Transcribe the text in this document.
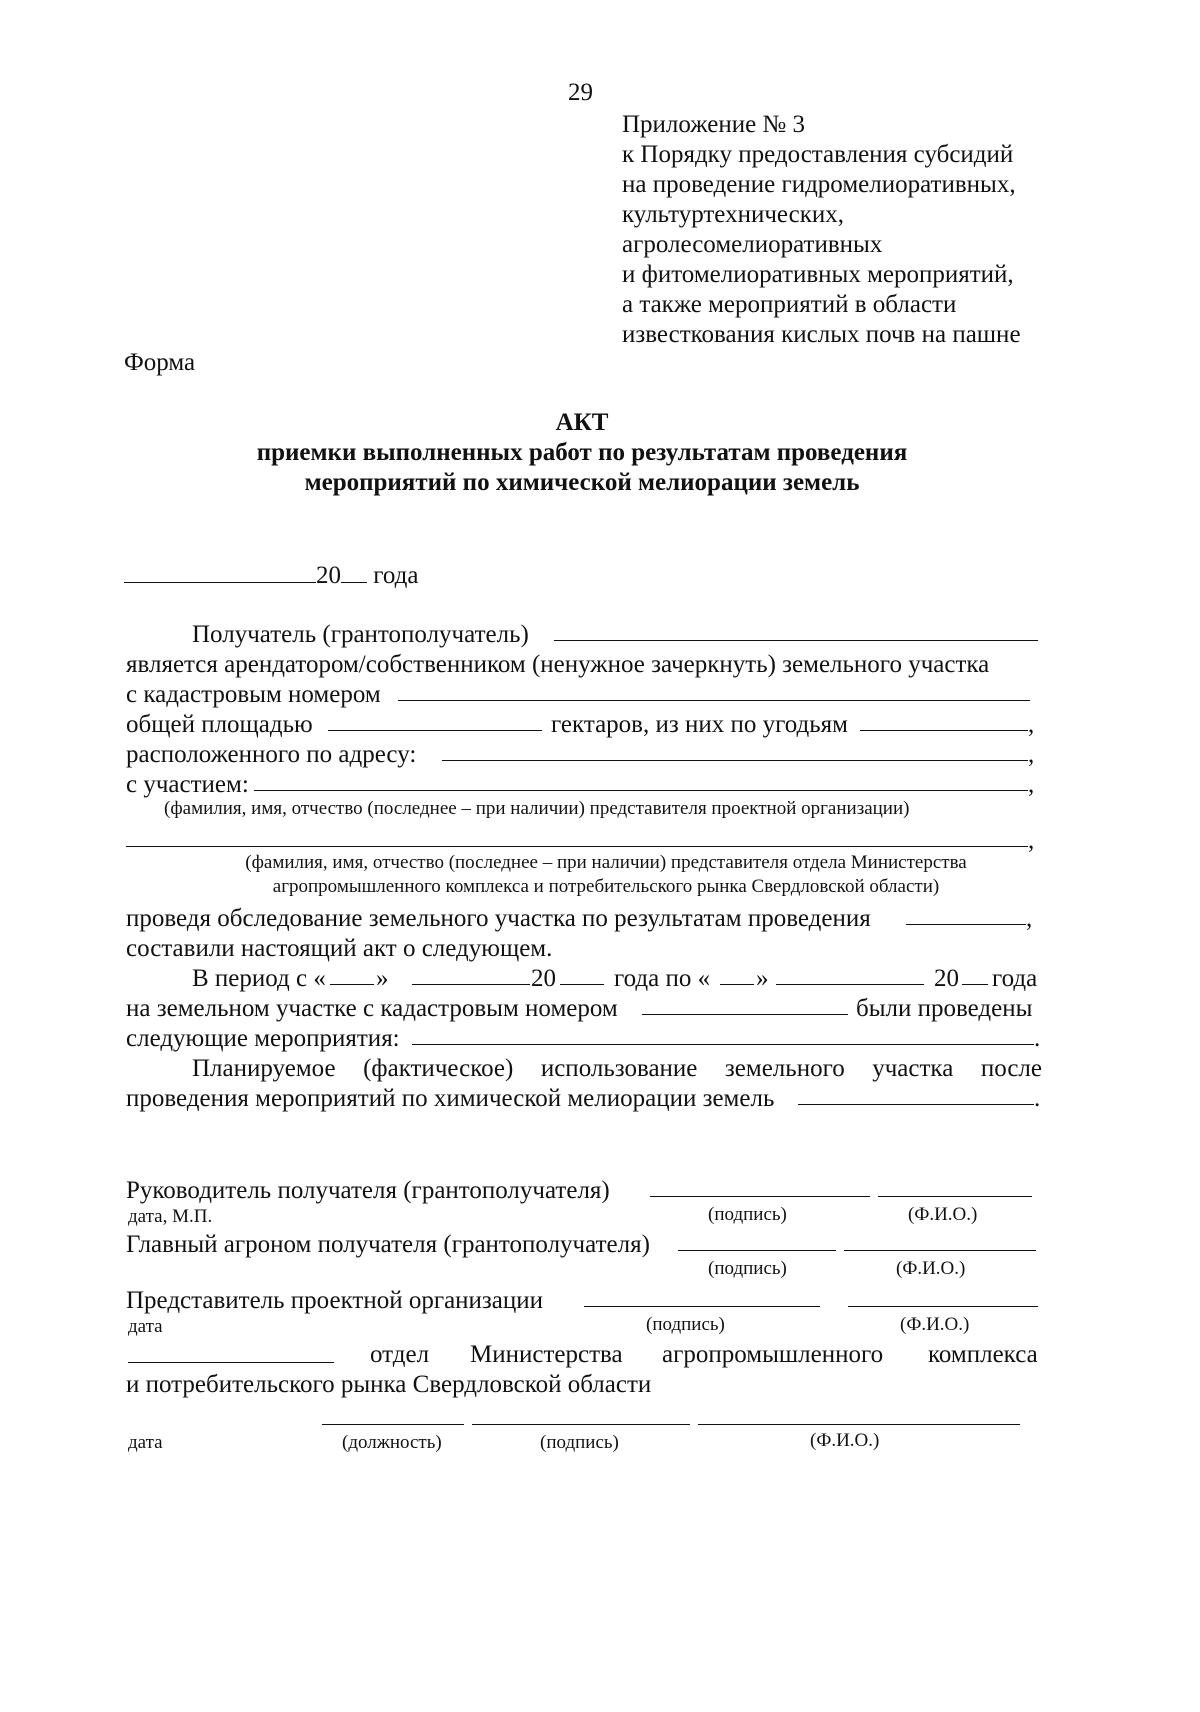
29
Приложение № 3
к Порядку предоставления субсидий
на проведение гидромелиоративных,
культуртехнических,
агролесомелиоративных
и фитомелиоративных мероприятий,
а также мероприятий в области
известкования кислых почв на пашне
Форма
АКТ
приемки выполненных работ по результатам проведения
мероприятий по химической мелиорации земель
20 года
Получатель (грантополучатель)
является арендатором/собственником (ненужное зачеркнуть) земельного участка
с кадастровым номером
общей площадью	гектаров, из них по угодьям	,
расположенного по адресу:	,
с участием:	,
(фамилия, имя, отчество (последнее – при наличии) представителя проектной организации)
,
(фамилия, имя, отчество (последнее – при наличии) представителя отдела Министерства
агропромышленного комплекса и потребительского рынка Свердловской области)
проведя обследование земельного участка по результатам проведения	,
составили настоящий акт о следующем.
В период с « »	20 года по « »	20 года
на земельном участке с кадастровым номером	были проведены
следующие мероприятия:	.
Планируемое (фактическое) использование земельного участка после
проведения мероприятий по химической мелиорации земель	.
Руководитель получателя (грантополучателя)
дата, М.П.	(подпись)	(Ф.И.О.)
Главный агроном получателя (грантополучателя)
(подпись)	(Ф.И.О.)
Представитель проектной организации
дата	(подпись)	(Ф.И.О.)
отдел Министерства агропромышленного комплекса
и потребительского рынка Свердловской области
дата	(должность)	(подпись)	(Ф.И.О.)
